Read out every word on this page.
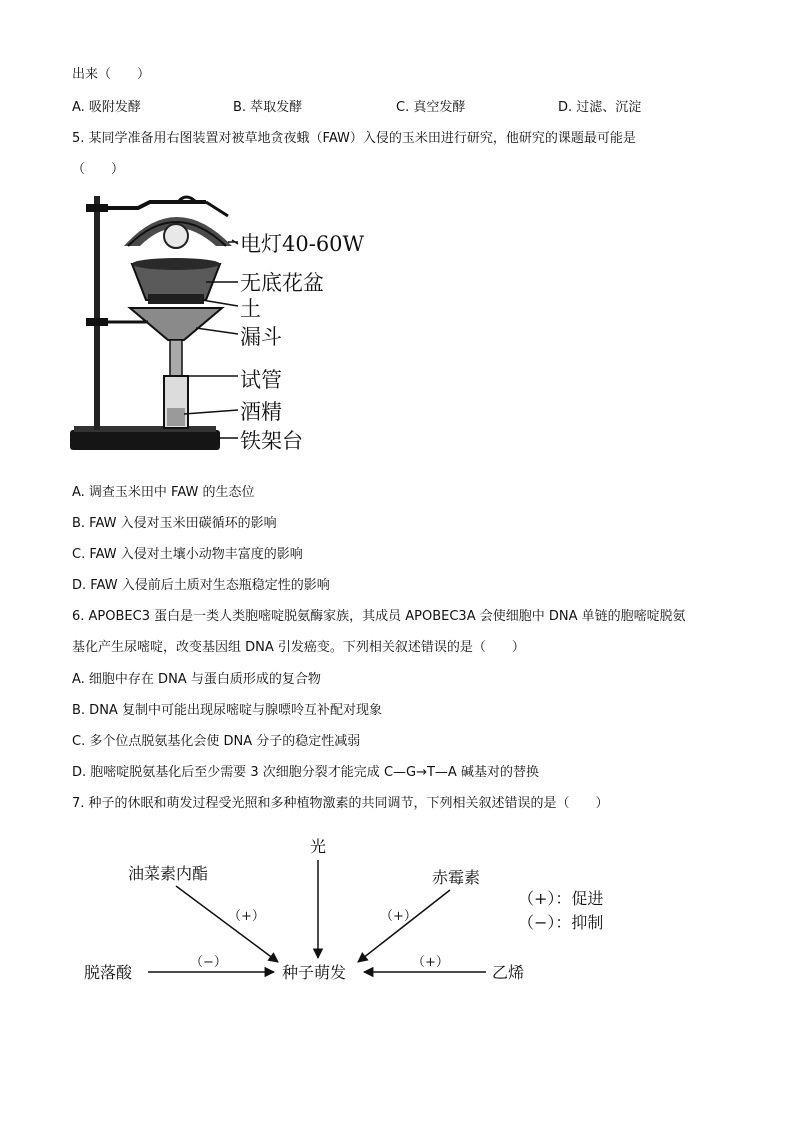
出来（　　）
A. 吸附发酵	B. 萃取发酵	C. 真空发酵	D. 过滤、沉淀
5. 某同学准备用右图装置对被草地贪夜蛾（FAW）入侵的玉米田进行研究，他研究的课题最可能是
（　　）
电灯40-60W
无底花盆
土
漏斗
试管
酒精
铁架台
A. 调查玉米田中 FAW 的生态位
B. FAW 入侵对玉米田碳循环的影响
C. FAW 入侵对土壤小动物丰富度的影响
D. FAW 入侵前后土质对生态瓶稳定性的影响
6. APOBEC3 蛋白是一类人类胞嘧啶脱氨酶家族，其成员 APOBEC3A 会使细胞中 DNA 单链的胞嘧啶脱氨
基化产生尿嘧啶，改变基因组 DNA 引发癌变。下列相关叙述错误的是（　　）
A. 细胞中存在 DNA 与蛋白质形成的复合物
B. DNA 复制中可能出现尿嘧啶与腺嘌呤互补配对现象
C. 多个位点脱氨基化会使 DNA 分子的稳定性减弱
D. 胞嘧啶脱氨基化后至少需要 3 次细胞分裂才能完成 C—G→T—A 碱基对的替换
7. 种子的休眠和萌发过程受光照和多种植物激素的共同调节，下列相关叙述错误的是（　　）
光
油菜素内酯	赤霉素
脱落酸	种子萌发	乙烯
（+）	（+）
（−）	（+）
（+）：促进
（−）：抑制
